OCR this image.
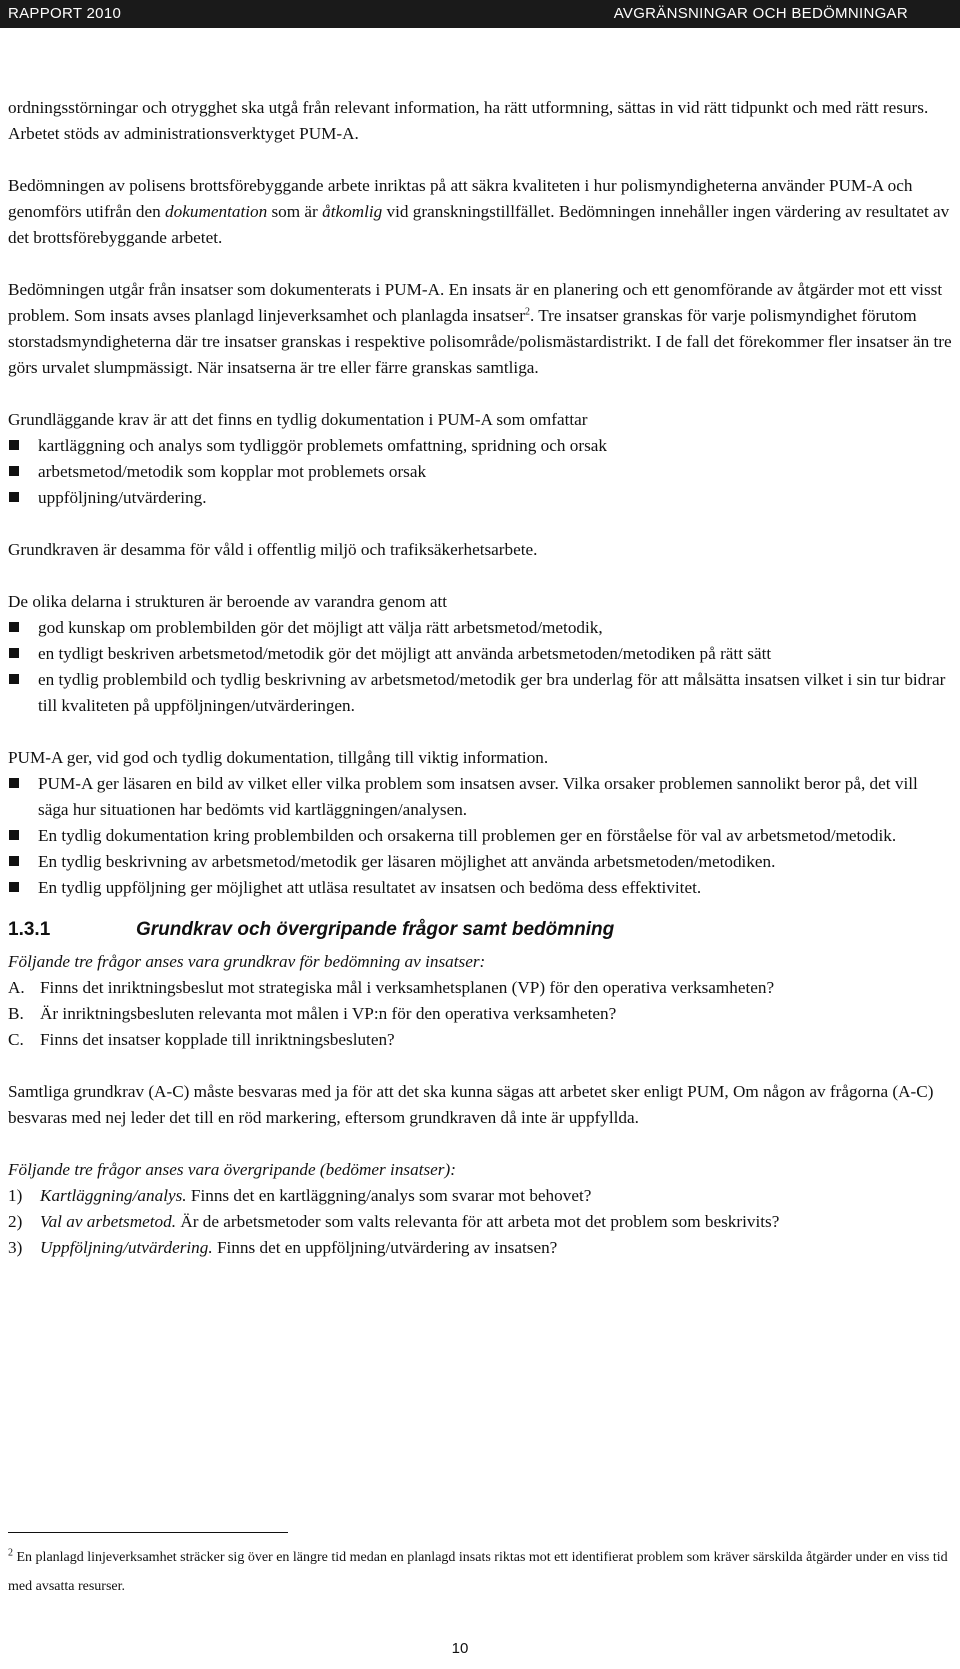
RAPPORT 2010	AVGRÄNSNINGAR OCH BEDÖMNINGAR

ordningsstörningar och otrygghet ska utgå från relevant information, ha rätt utformning, sättas in vid rätt tidpunkt och med rätt resurs. Arbetet stöds av administrationsverktyget PUM-A.

Bedömningen av polisens brottsförebyggande arbete inriktas på att säkra kvaliteten i hur polismyndigheterna använder PUM-A och genomförs utifrån den dokumentation som är åtkomlig vid granskningstillfället. Bedömningen innehåller ingen värdering av resultatet av det brottsförebyggande arbetet.

Bedömningen utgår från insatser som dokumenterats i PUM-A. En insats är en planering och ett genomförande av åtgärder mot ett visst problem. Som insats avses planlagd linjeverksamhet och planlagda insatser$^2$. Tre insatser granskas för varje polismyndighet förutom storstadsmyndigheterna där tre insatser granskas i respektive polisområde/polismästardistrikt. I de fall det förekommer fler insatser än tre görs urvalet slumpmässigt. När insatserna är tre eller färre granskas samtliga.

Grundläggande krav är att det finns en tydlig dokumentation i PUM-A som omfattar

kartläggning och analys som tydliggör problemets omfattning, spridning och orsak
arbetsmetod/metodik som kopplar mot problemets orsak
uppföljning/utvärdering.

Grundkraven är desamma för våld i offentlig miljö och trafiksäkerhetsarbete.

De olika delarna i strukturen är beroende av varandra genom att

god kunskap om problembilden gör det möjligt att välja rätt arbetsmetod/metodik,
en tydligt beskriven arbetsmetod/metodik gör det möjligt att använda arbetsmetoden/metodiken på rätt sätt
en tydlig problembild och tydlig beskrivning av arbetsmetod/metodik ger bra underlag för att målsätta insatsen vilket i sin tur bidrar till kvaliteten på uppföljningen/utvärderingen.

PUM-A ger, vid god och tydlig dokumentation, tillgång till viktig information.

PUM-A ger läsaren en bild av vilket eller vilka problem som insatsen avser. Vilka orsaker problemen sannolikt beror på, det vill säga hur situationen har bedömts vid kartläggningen/analysen.
En tydlig dokumentation kring problembilden och orsakerna till problemen ger en förståelse för val av arbetsmetod/metodik.
En tydlig beskrivning av arbetsmetod/metodik ger läsaren möjlighet att använda arbetsmetoden/metodiken.
En tydlig uppföljning ger möjlighet att utläsa resultatet av insatsen och bedöma dess effektivitet.
1.3.1	Grundkrav och övergripande frågor samt bedömning

Följande tre frågor anses vara grundkrav för bedömning av insatser:

A. Finns det inriktningsbeslut mot strategiska mål i verksamhetsplanen (VP) för den operativa verksamheten?
B. Är inriktningsbesluten relevanta mot målen i VP:n för den operativa verksamheten?
C. Finns det insatser kopplade till inriktningsbesluten?

Samtliga grundkrav (A-C) måste besvaras med ja för att det ska kunna sägas att arbetet sker enligt PUM, Om någon av frågorna (A-C) besvaras med nej leder det till en röd markering, eftersom grundkraven då inte är uppfyllda.

Följande tre frågor anses vara övergripande (bedömer insatser):

1) Kartläggning/analys. Finns det en kartläggning/analys som svarar mot behovet?
2) Val av arbetsmetod. Är de arbetsmetoder som valts relevanta för att arbeta mot det problem som beskrivits?
3) Uppföljning/utvärdering. Finns det en uppföljning/utvärdering av insatsen?
$^2$ En planlagd linjeverksamhet sträcker sig över en längre tid medan en planlagd insats riktas mot ett identifierat problem som kräver särskilda åtgärder under en viss tid med avsatta resurser.
10
